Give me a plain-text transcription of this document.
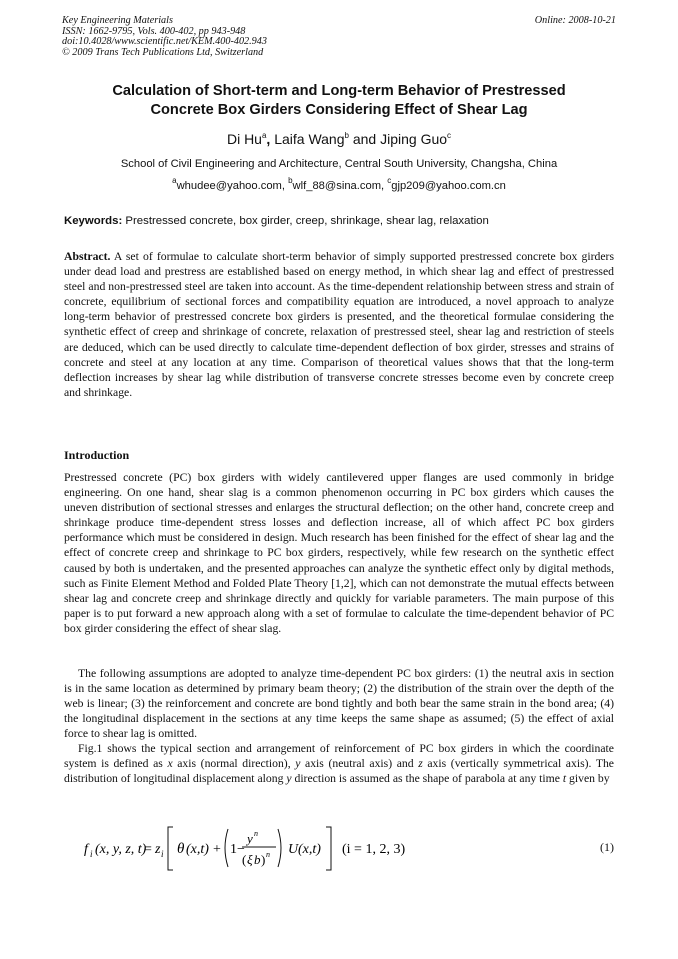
Key Engineering Materials
ISSN: 1662-9795, Vols. 400-402, pp 943-948
doi:10.4028/www.scientific.net/KEM.400-402.943
© 2009 Trans Tech Publications Ltd, Switzerland
Online: 2008-10-21
Calculation of Short-term and Long-term Behavior of Prestressed
Concrete Box Girders Considering Effect of Shear Lag
Di Hu$^a$, Laifa Wang$^b$ and Jiping Guo$^c$
School of Civil Engineering and Architecture, Central South University, Changsha, China
$^a$whudee@yahoo.com, $^b$wlf_88@sina.com, $^c$gjp209@yahoo.com.cn
Keywords: Prestressed concrete, box girder, creep, shrinkage, shear lag, relaxation
Abstract. A set of formulae to calculate short-term behavior of simply supported prestressed concrete box girders under dead load and prestress are established based on energy method, in which shear lag and effect of prestressed steel and non-prestressed steel are taken into account. As the time-dependent relationship between stress and strain of concrete, equilibrium of sectional forces and compatibility equation are introduced, a novel approach to analyze long-term behavior of prestressed concrete box girders is presented, and the theoretical formulae considering the synthetic effect of creep and shrinkage of concrete, relaxation of prestressed steel, shear lag and restriction of steels are deduced, which can be used directly to calculate time-dependent deflection of box girder, stresses and strains of concrete and steel at any location at any time. Comparison of theoretical values shows that that the long-term deflection increases by shear lag while distribution of transverse concrete stresses become even by concrete creep and shrinkage.
Introduction
Prestressed concrete (PC) box girders with widely cantilevered upper flanges are used commonly in bridge engineering. On one hand, shear slag is a common phenomenon occurring in PC box girders which causes the uneven distribution of sectional stresses and enlarges the structural deflection; on the other hand, concrete creep and shrinkage produce time-dependent stress losses and deflection increase, all of which affect PC box girders performance which must be considered in design. Much research has been finished for the effect of shear lag and the effect of concrete creep and shrinkage to PC box girders, respectively, while few research on the synthetic effect caused by both is undertaken, and the presented approaches can analyze the synthetic effect only by digital methods, such as Finite Element Method and Folded Plate Theory [1,2], which can not demonstrate the mutual effects between shear lag and concrete creep and shrinkage directly and quickly for variable parameters. The main purpose of this paper is to put forward a new approach along with a set of formulae to calculate the time-dependent behavior of PC box girder considering the effect of shear slag.
The following assumptions are adopted to analyze time-dependent PC box girders: (1) the neutral axis in section is in the same location as determined by primary beam theory; (2) the distribution of the strain over the depth of the web is linear; (3) the reinforcement and concrete are bond tightly and both bear the same strain in the bond area; (4) the longitudinal displacement in the sections at any time keeps the same shape as assumed; (5) the effect of axial force to shear lag is omitted.
Fig.1 shows the typical section and arrangement of reinforcement of PC box girders in which the coordinate system is defined as x axis (normal direction), y axis (neutral axis) and z axis (vertically symmetrical axis). The distribution of longitudinal displacement along y direction is assumed as the shape of parabola at any time t given by
f i (x, y, z, t)
= z i θ (x,t) + 1−
y n
( ξ b ) n U (x,t) (i = 1, 2, 3)	(1)
